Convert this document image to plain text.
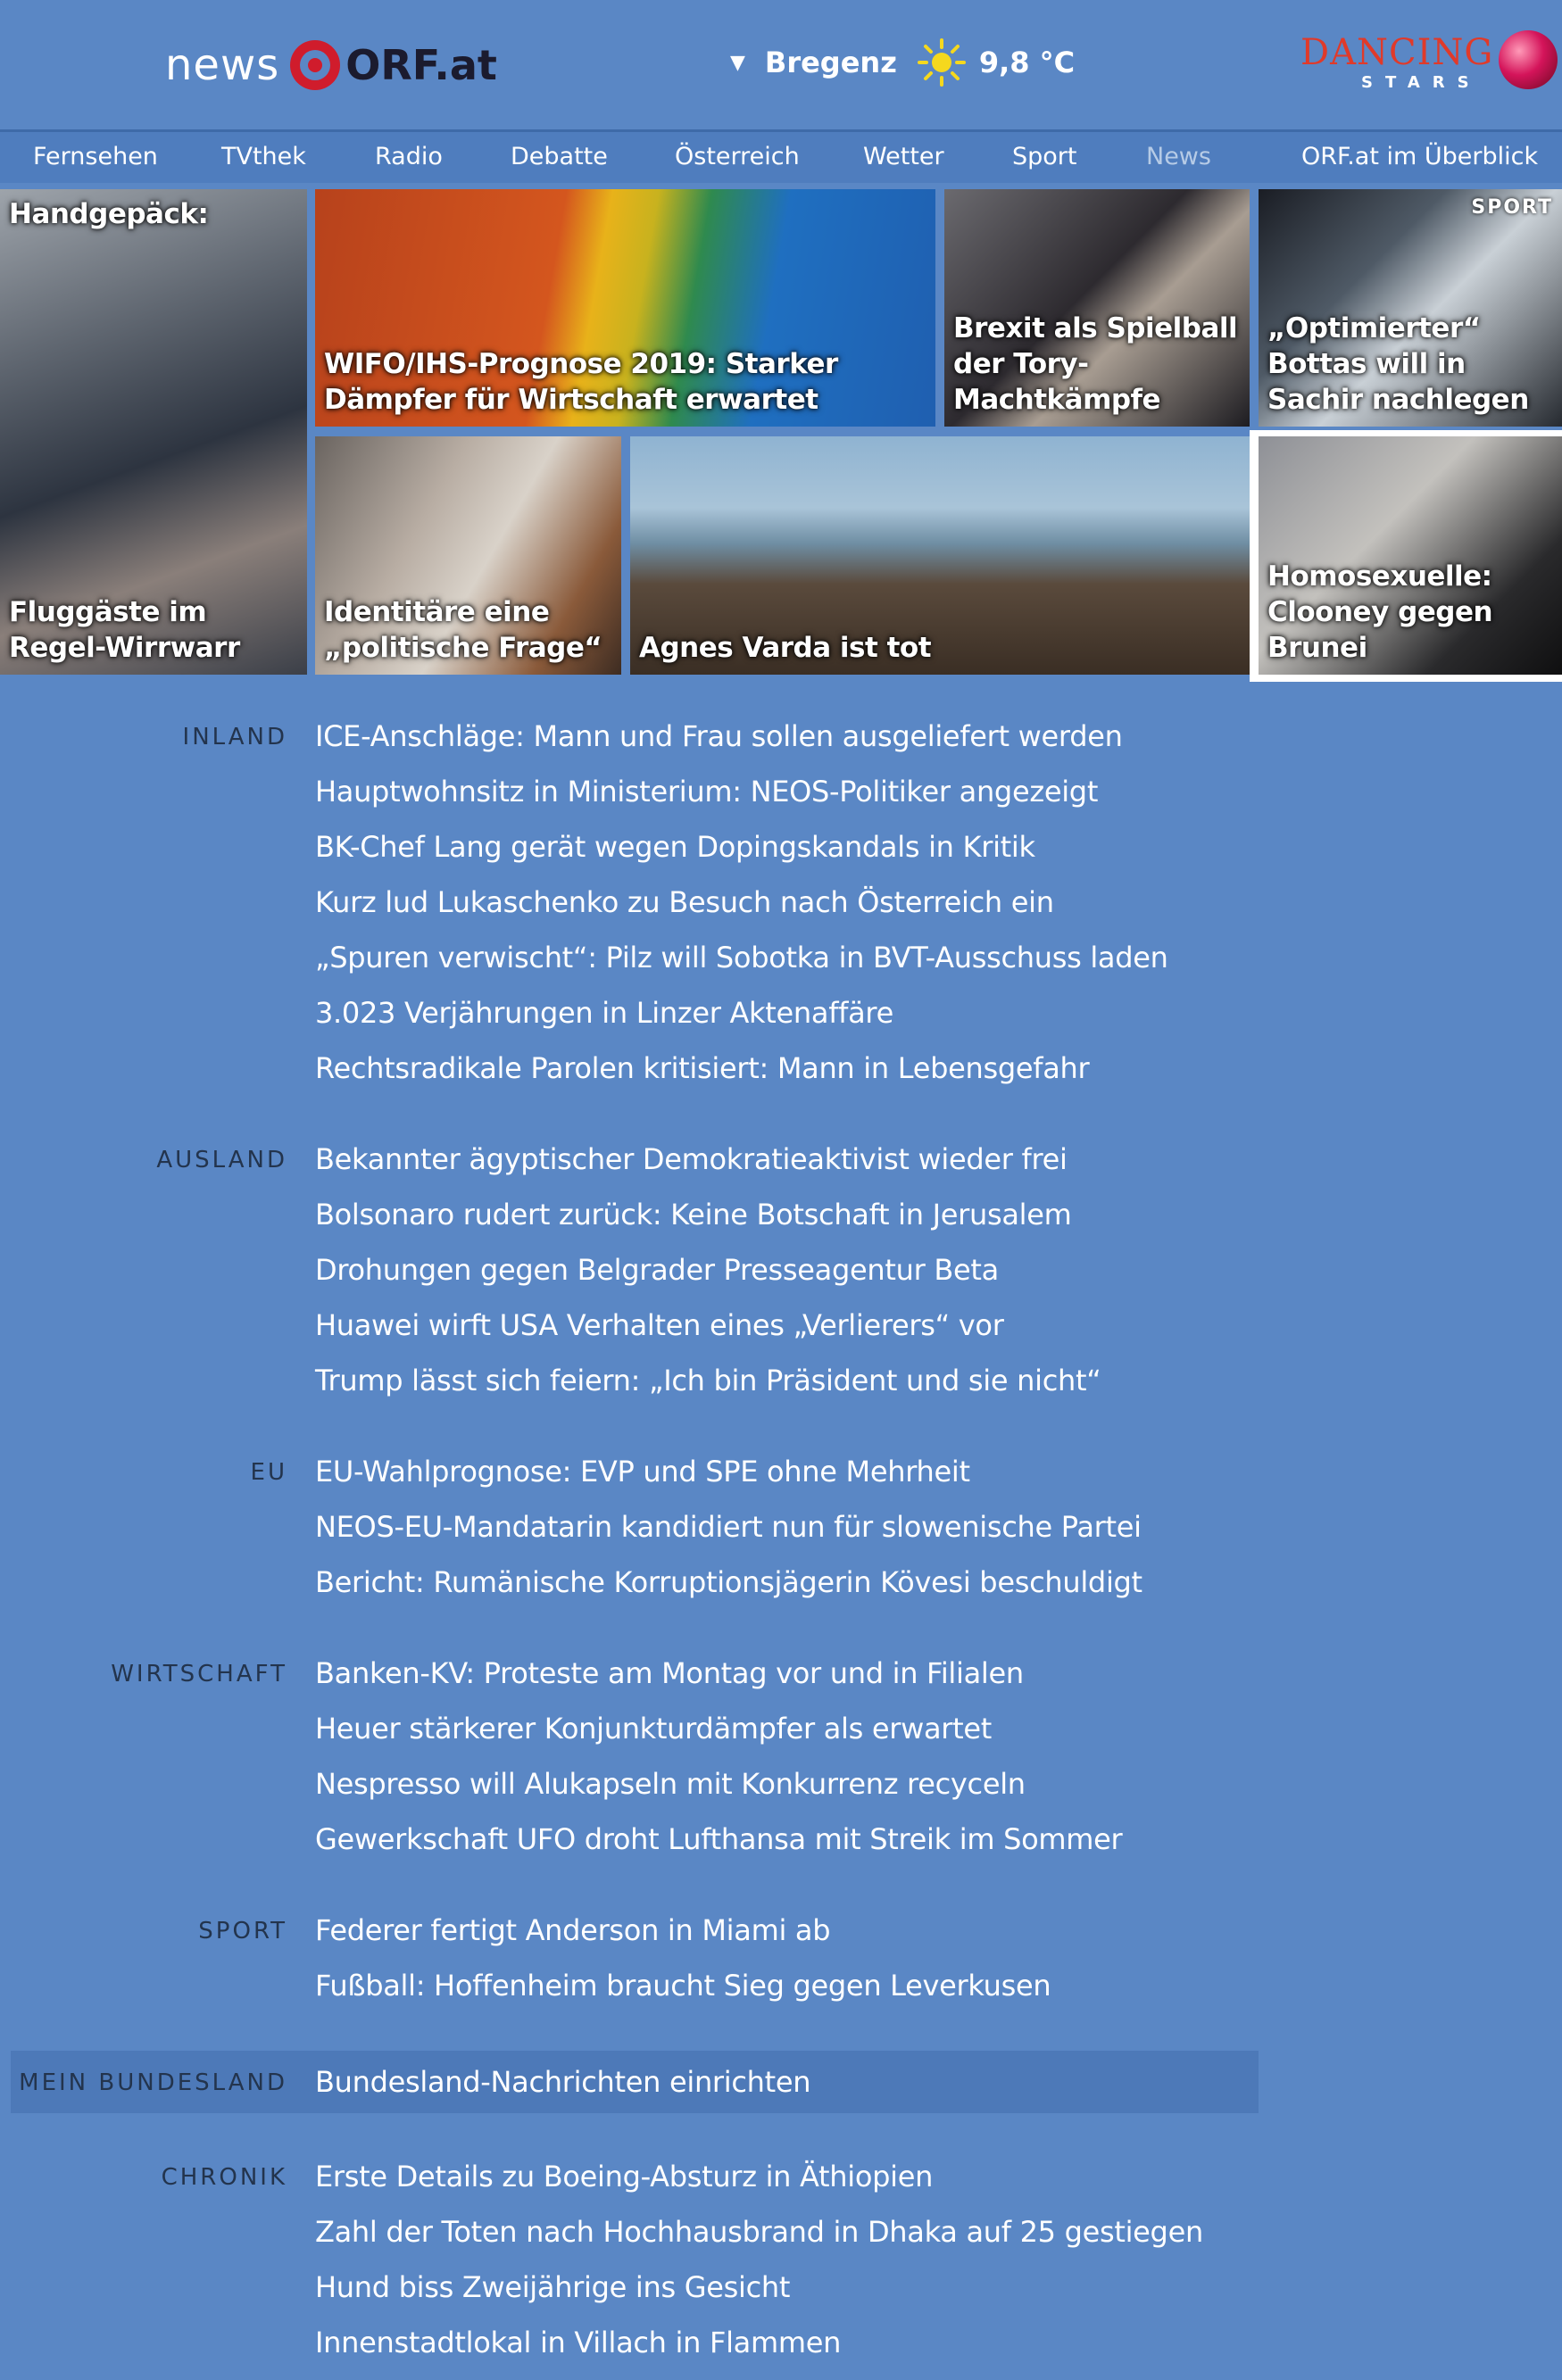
news ORF.at	▼ Bregenz	9,8 °C	DANCING
STARS
Fernsehen	TVthek	Radio	Debatte	Österreich	Wetter	Sport	News	ORF.at im Überblick
Handgepäck:
Fluggäste im Regel-Wirrwarr
WIFO/IHS-Prognose 2019: Starker Dämpfer für Wirtschaft erwartet
Brexit als Spielball der Tory-Machtkämpfe
SPORT
„Optimierter“ Bottas will in Sachir nachlegen
Identitäre eine „politische Frage“	Agnes Varda ist tot
Homosexuelle: Clooney gegen Brunei
INLAND ICE-Anschläge: Mann und Frau sollen ausgeliefert werden
Hauptwohnsitz in Ministerium: NEOS-Politiker angezeigt
BK-Chef Lang gerät wegen Dopingskandals in Kritik
Kurz lud Lukaschenko zu Besuch nach Österreich ein
„Spuren verwischt“: Pilz will Sobotka in BVT-Ausschuss laden
3.023 Verjährungen in Linzer Aktenaffäre
Rechtsradikale Parolen kritisiert: Mann in Lebensgefahr
AUSLAND Bekannter ägyptischer Demokratieaktivist wieder frei
Bolsonaro rudert zurück: Keine Botschaft in Jerusalem
Drohungen gegen Belgrader Presseagentur Beta
Huawei wirft USA Verhalten eines „Verlierers“ vor
Trump lässt sich feiern: „Ich bin Präsident und sie nicht“
EU EU-Wahlprognose: EVP und SPE ohne Mehrheit
NEOS-EU-Mandatarin kandidiert nun für slowenische Partei
Bericht: Rumänische Korruptionsjägerin Kövesi beschuldigt
WIRTSCHAFT Banken-KV: Proteste am Montag vor und in Filialen
Heuer stärkerer Konjunkturdämpfer als erwartet
Nespresso will Alukapseln mit Konkurrenz recyceln
Gewerkschaft UFO droht Lufthansa mit Streik im Sommer
SPORT Federer fertigt Anderson in Miami ab
Fußball: Hoffenheim braucht Sieg gegen Leverkusen
MEIN BUNDESLAND Bundesland-Nachrichten einrichten
CHRONIK Erste Details zu Boeing-Absturz in Äthiopien
Zahl der Toten nach Hochhausbrand in Dhaka auf 25 gestiegen
Hund biss Zweijährige ins Gesicht
Innenstadtlokal in Villach in Flammen
